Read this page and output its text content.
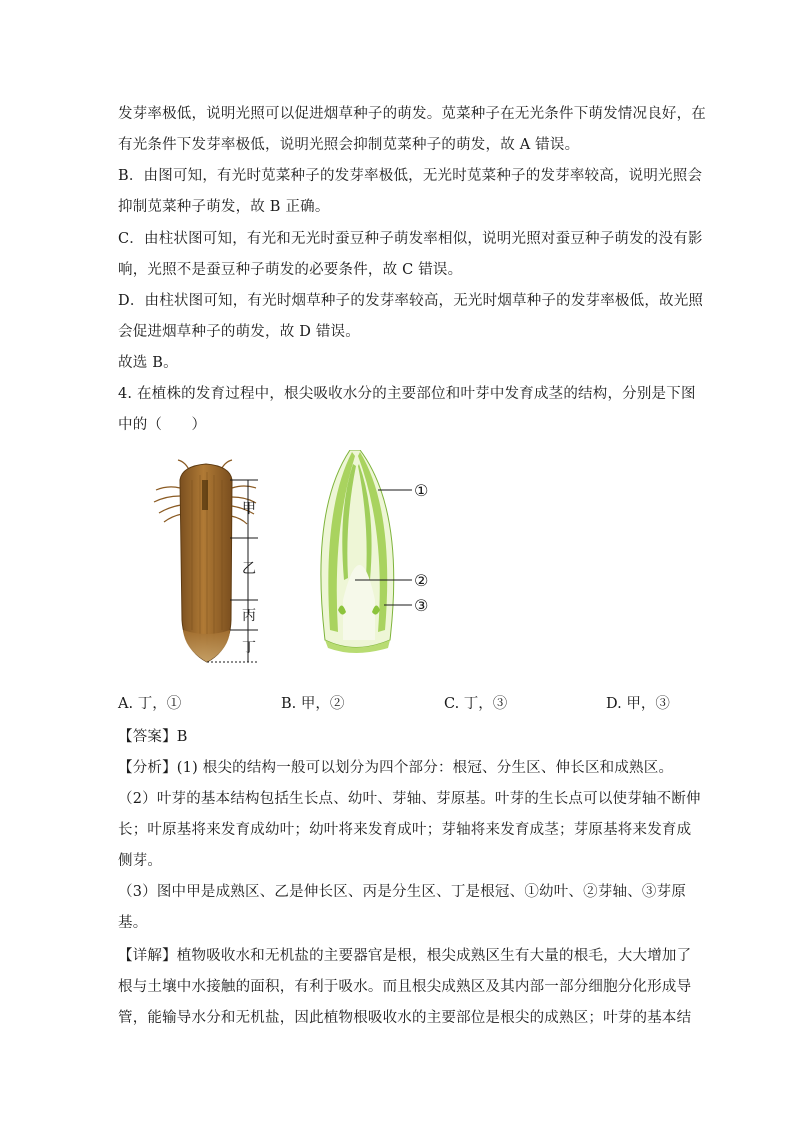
发芽率极低，说明光照可以促进烟草种子的萌发。苋菜种子在无光条件下萌发情况良好，在
有光条件下发芽率极低，说明光照会抑制苋菜种子的萌发，故 A 错误。
B．由图可知，有光时苋菜种子的发芽率极低，无光时苋菜种子的发芽率较高，说明光照会
抑制苋菜种子萌发，故 B 正确。
C．由柱状图可知，有光和无光时蚕豆种子萌发率相似，说明光照对蚕豆种子萌发的没有影
响，光照不是蚕豆种子萌发的必要条件，故 C 错误。
D．由柱状图可知，有光时烟草种子的发芽率较高，无光时烟草种子的发芽率极低，故光照
会促进烟草种子的萌发，故 D 错误。
故选 B。
4. 在植株的发育过程中，根尖吸收水分的主要部位和叶芽中发育成茎的结构，分别是下图
中的（　　）
甲
乙
丙
丁
①
②
③
A. 丁，①	B. 甲，②	C. 丁，③	D. 甲，③
【答案】B
【分析】(1) 根尖的结构一般可以划分为四个部分：根冠、分生区、伸长区和成熟区。
（2）叶芽的基本结构包括生长点、幼叶、芽轴、芽原基。叶芽的生长点可以使芽轴不断伸
长；叶原基将来发育成幼叶；幼叶将来发育成叶；芽轴将来发育成茎；芽原基将来发育成
侧芽。
（3）图中甲是成熟区、乙是伸长区、丙是分生区、丁是根冠、①幼叶、②芽轴、③芽原
基。
【详解】植物吸收水和无机盐的主要器官是根，根尖成熟区生有大量的根毛，大大增加了
根与土壤中水接触的面积，有利于吸水。而且根尖成熟区及其内部一部分细胞分化形成导
管，能输导水分和无机盐，因此植物根吸收水的主要部位是根尖的成熟区；叶芽的基本结
